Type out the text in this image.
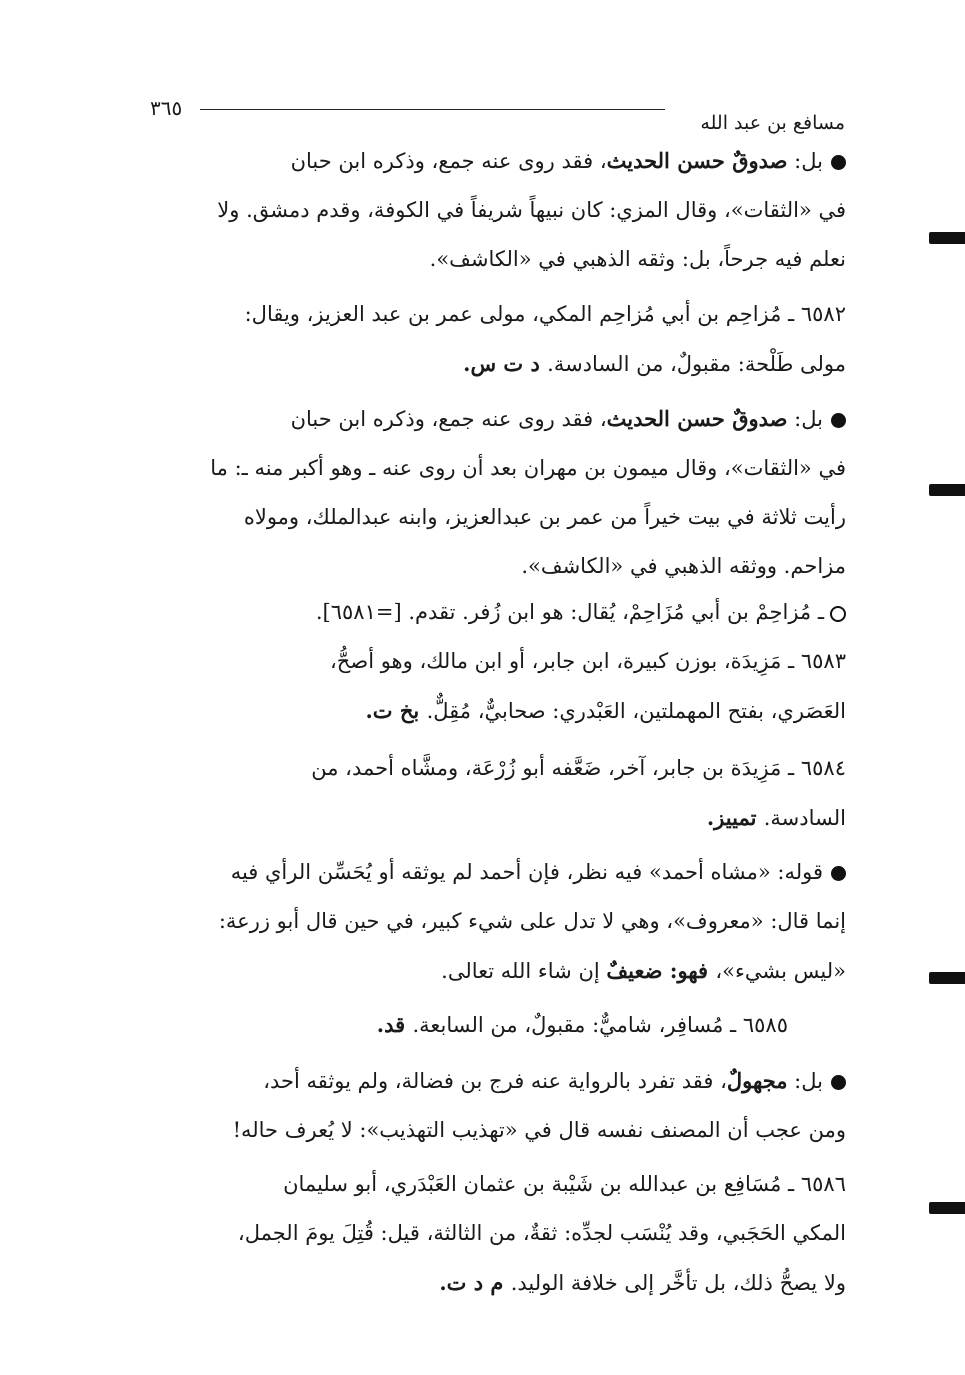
٣٦٥
مسافع بن عبد الله
بل: صدوقٌ حسن الحديث، فقد روى عنه جمع، وذكره ابن حبان
في «الثقات»، وقال المزي: كان نبيهاً شريفاً في الكوفة، وقدم دمشق. ولا
نعلم فيه جرحاً، بل: وثقه الذهبي في «الكاشف».
٦٥٨٢ ـ مُزاحِم بن أبي مُزاحِم المكي، مولى عمر بن عبد العزيز، ويقال:
مولى طَلْحة: مقبولٌ، من السادسة. د ت س.
بل: صدوقٌ حسن الحديث، فقد روى عنه جمع، وذكره ابن حبان
في «الثقات»، وقال ميمون بن مهران بعد أن روى عنه ـ وهو أكبر منه ـ: ما
رأيت ثلاثة في بيت خيراً من عمر بن عبدالعزيز، وابنه عبدالملك، ومولاه
مزاحم. ووثقه الذهبي في «الكاشف».
ـ مُزاحِمْ بن أبي مُزَاحِمْ، يُقال: هو ابن زُفر. تقدم. [=٦٥٨١].
٦٥٨٣ ـ مَزِيدَة، بوزن كبيرة، ابن جابر، أو ابن مالك، وهو أصحُّ،
العَصَري، بفتح المهملتين، العَبْدري: صحابيٌّ، مُقِلٌّ. بخ ت.
٦٥٨٤ ـ مَزِيدَة بن جابر، آخر، ضَعَّفه أبو زُرْعَة، ومشَّاه أحمد، من
السادسة. تمييز.
قوله: «مشاه أحمد» فيه نظر، فإن أحمد لم يوثقه أو يُحَسِّن الرأي فيه
إنما قال: «معروف»، وهي لا تدل على شيء كبير، في حين قال أبو زرعة:
«ليس بشيء»، فهو: ضعيفٌ إن شاء الله تعالى.
٦٥٨٥ ـ مُسافِر، شاميٌّ: مقبولٌ، من السابعة. قد.
بل: مجهولٌ، فقد تفرد بالرواية عنه فرج بن فضالة، ولم يوثقه أحد،
ومن عجب أن المصنف نفسه قال في «تهذيب التهذيب»: لا يُعرف حاله!
٦٥٨٦ ـ مُسَافِع بن عبدالله بن شَيْبة بن عثمان العَبْدَري، أبو سليمان
المكي الحَجَبي، وقد يُنْسَب لجدِّه: ثقةٌ، من الثالثة، قيل: قُتِلَ يومَ الجمل،
ولا يصحُّ ذلك، بل تأخَّر إلى خلافة الوليد. م د ت.
